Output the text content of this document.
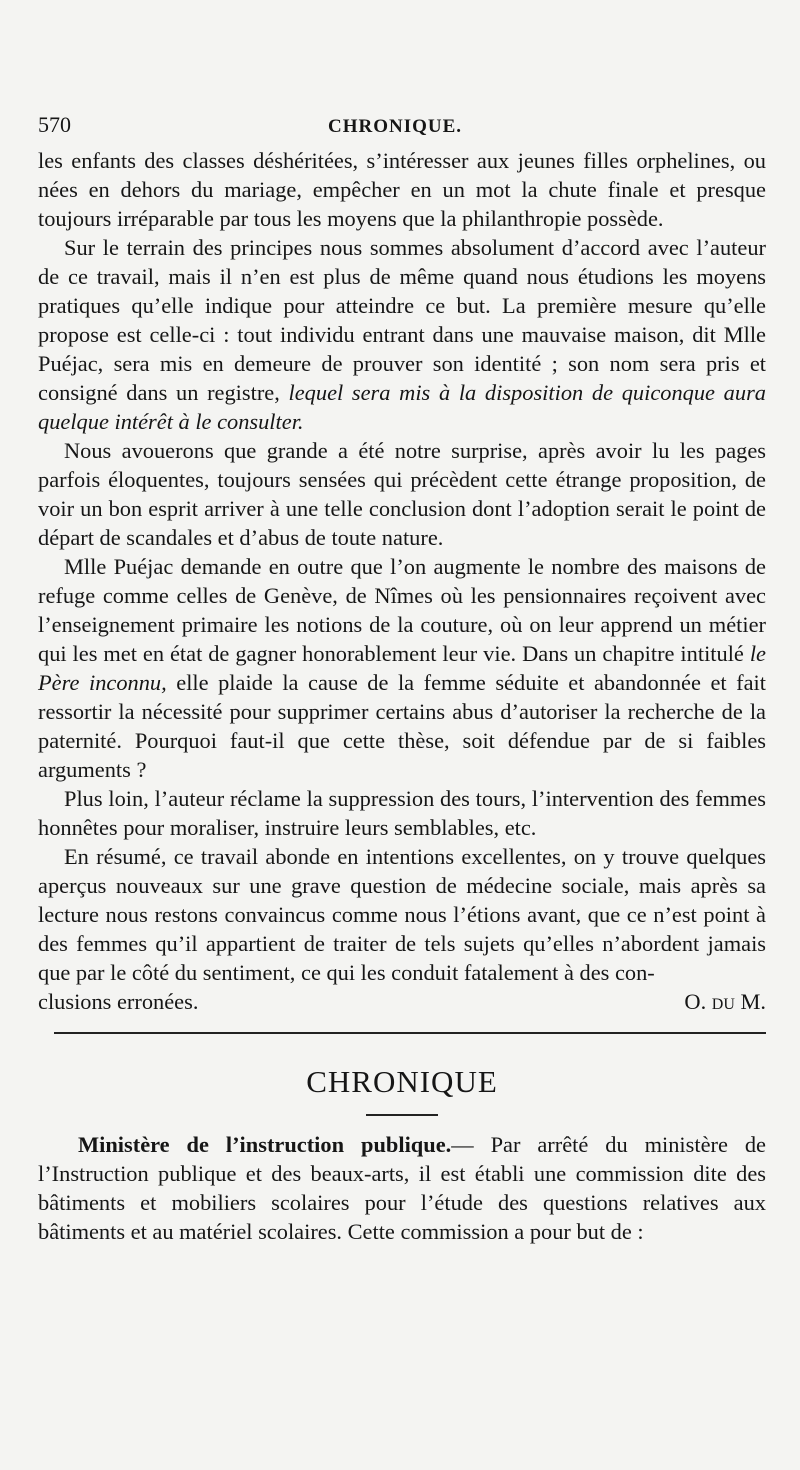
570	CHRONIQUE.

les enfants des classes déshéritées, s’intéresser aux jeunes filles orphelines, ou nées en dehors du mariage, empêcher en un mot la chute finale et presque toujours irréparable par tous les moyens que la philanthropie possède.

Sur le terrain des principes nous sommes absolument d’accord avec l’auteur de ce travail, mais il n’en est plus de même quand nous étudions les moyens pratiques qu’elle indique pour atteindre ce but. La première mesure qu’elle propose est celle-ci : tout individu entrant dans une mauvaise maison, dit Mlle Puéjac, sera mis en demeure de prouver son identité ; son nom sera pris et consigné dans un registre, lequel sera mis à la disposition de quiconque aura quelque intérêt à le consulter.

Nous avouerons que grande a été notre surprise, après avoir lu les pages parfois éloquentes, toujours sensées qui précèdent cette étrange proposition, de voir un bon esprit arriver à une telle conclusion dont l’adoption serait le point de départ de scandales et d’abus de toute nature.

Mlle Puéjac demande en outre que l’on augmente le nombre des maisons de refuge comme celles de Genève, de Nîmes où les pensionnaires reçoivent avec l’enseignement primaire les notions de la couture, où on leur apprend un métier qui les met en état de gagner honorablement leur vie. Dans un chapitre intitulé le Père inconnu, elle plaide la cause de la femme séduite et abandonnée et fait ressortir la nécessité pour supprimer certains abus d’autoriser la recherche de la paternité. Pourquoi faut-il que cette thèse, soit défendue par de si faibles arguments ?

Plus loin, l’auteur réclame la suppression des tours, l’intervention des femmes honnêtes pour moraliser, instruire leurs semblables, etc.

En résumé, ce travail abonde en intentions excellentes, on y trouve quelques aperçus nouveaux sur une grave question de médecine sociale, mais après sa lecture nous restons convaincus comme nous l’étions avant, que ce n’est point à des femmes qu’il appartient de traiter de tels sujets qu’elles n’abordent jamais que par le côté du sentiment, ce qui les conduit fatalement à des con-

clusions erronées.	O. du M.
CHRONIQUE

Ministère de l’instruction publique.— Par arrêté du ministère de l’Instruction publique et des beaux-arts, il est établi une commission dite des bâtiments et mobiliers scolaires pour l’étude des questions relatives aux bâtiments et au matériel scolaires. Cette commission a pour but de :
